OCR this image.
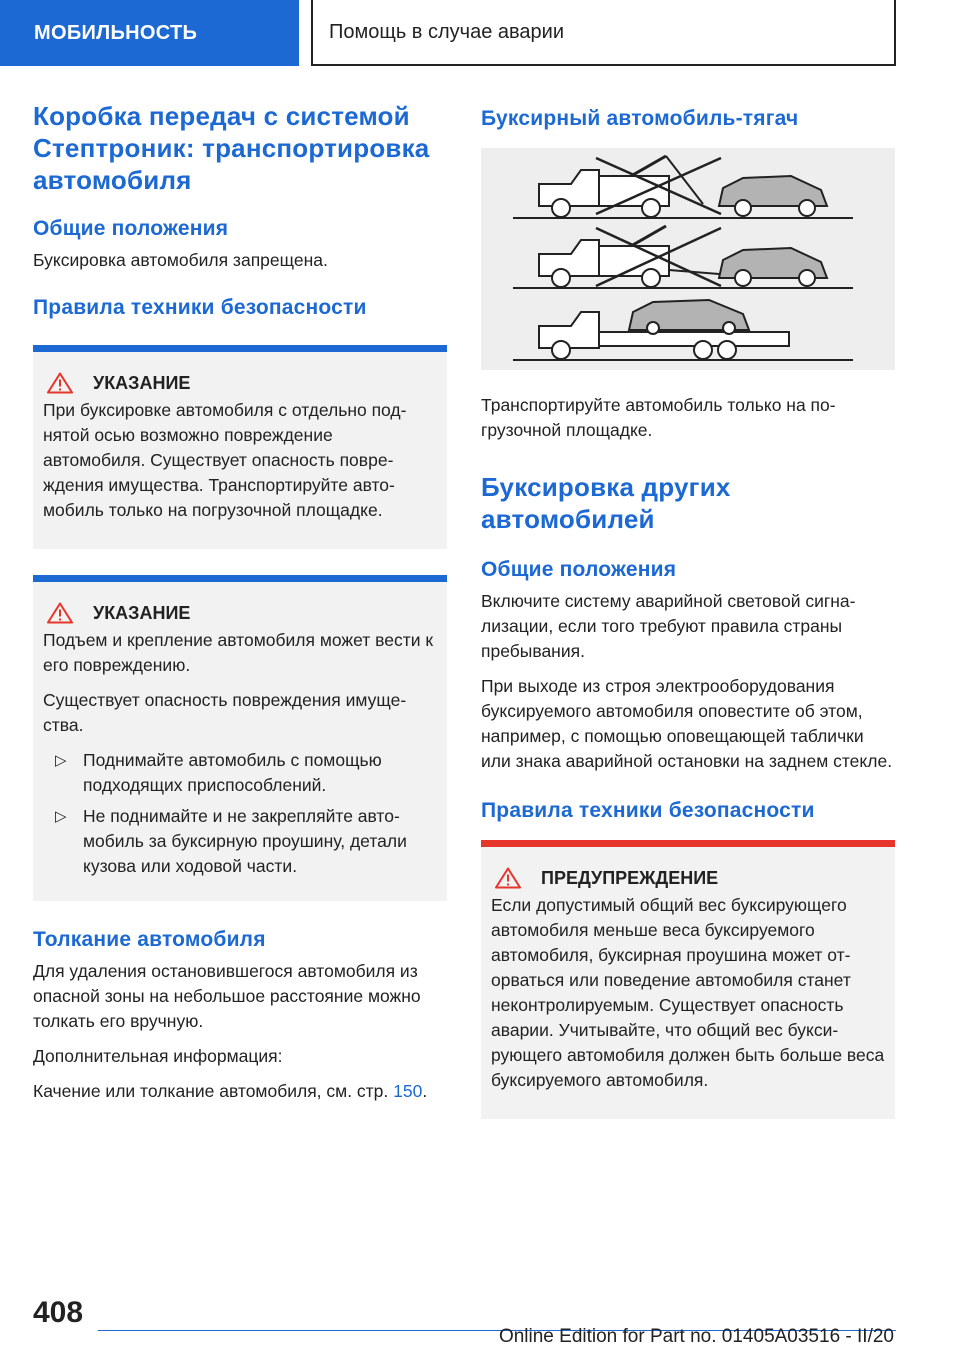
МОБИЛЬНОСТЬ	Помощь в случае аварии
Коробка передач с системой Стептроник: транспортировка автомобиля
Общие положения

Буксировка автомобиля запрещена.

Правила техники безопасности
УКАЗАНИЕ

При буксировке автомобиля с отдельно поднятой осью возможно повреждение автомобиля. Существует опасность повреждения имущества. Транспортируйте автомобиль только на погрузочной площадке.

УКАЗАНИЕ

Подъем и крепление автомобиля может вести к его повреждению.

Существует опасность повреждения имущества.

▷ Поднимайте автомобиль с помощью подходящих приспособлений.
▷ Не поднимайте и не закрепляйте автомобиль за буксирную проушину, детали кузова или ходовой части.
Толкание автомобиля

Для удаления остановившегося автомобиля из опасной зоны на небольшое расстояние можно толкать его вручную.

Дополнительная информация:

Качение или толкание автомобиля, см. стр. 150.

Буксирный автомобиль-тягач

Транспортируйте автомобиль только на погрузочной площадке.

Буксировка других автомобилей
Общие положения

Включите систему аварийной световой сигнализации, если того требуют правила страны пребывания.

При выходе из строя электрооборудования буксируемого автомобиля оповестите об этом, например, с помощью оповещающей таблички или знака аварийной остановки на заднем стекле.

Правила техники безопасности
ПРЕДУПРЕЖДЕНИЕ

Если допустимый общий вес буксирующего автомобиля меньше веса буксируемого автомобиля, буксирная проушина может оторваться или поведение автомобиля станет неконтролируемым. Существует опасность аварии. Учитывайте, что общий вес буксирующего автомобиля должен быть больше веса буксируемого автомобиля.

408
Online Edition for Part no. 01405A03516 - II/20
